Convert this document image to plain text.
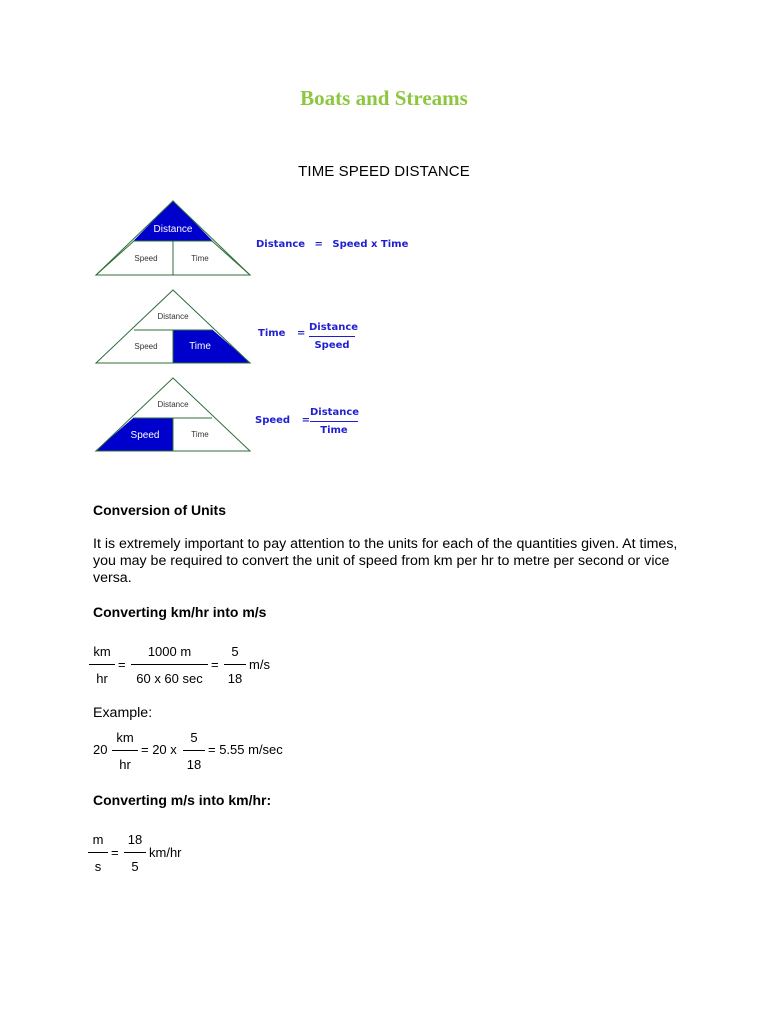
Boats and Streams
TIME SPEED DISTANCE
Distance
Speed	Time
Distance = Speed x Time
Distance
Speed	Time
Time =
Distance
Speed
Distance
Speed	Time
Speed =
Distance
Time
Conversion of Units

It is extremely important to pay attention to the units for each of the quantities given. At times, you may be required to convert the unit of speed from km per hr to metre per second or vice versa.

Converting km/hr into m/s
km
hr
=
1000 m
60 x 60 sec
=
5
18
m/s
Example:
20
km
hr
= 20 x
5
18
= 5.55 m/sec
Converting m/s into km/hr:
m
s
=
18
5
km/hr
